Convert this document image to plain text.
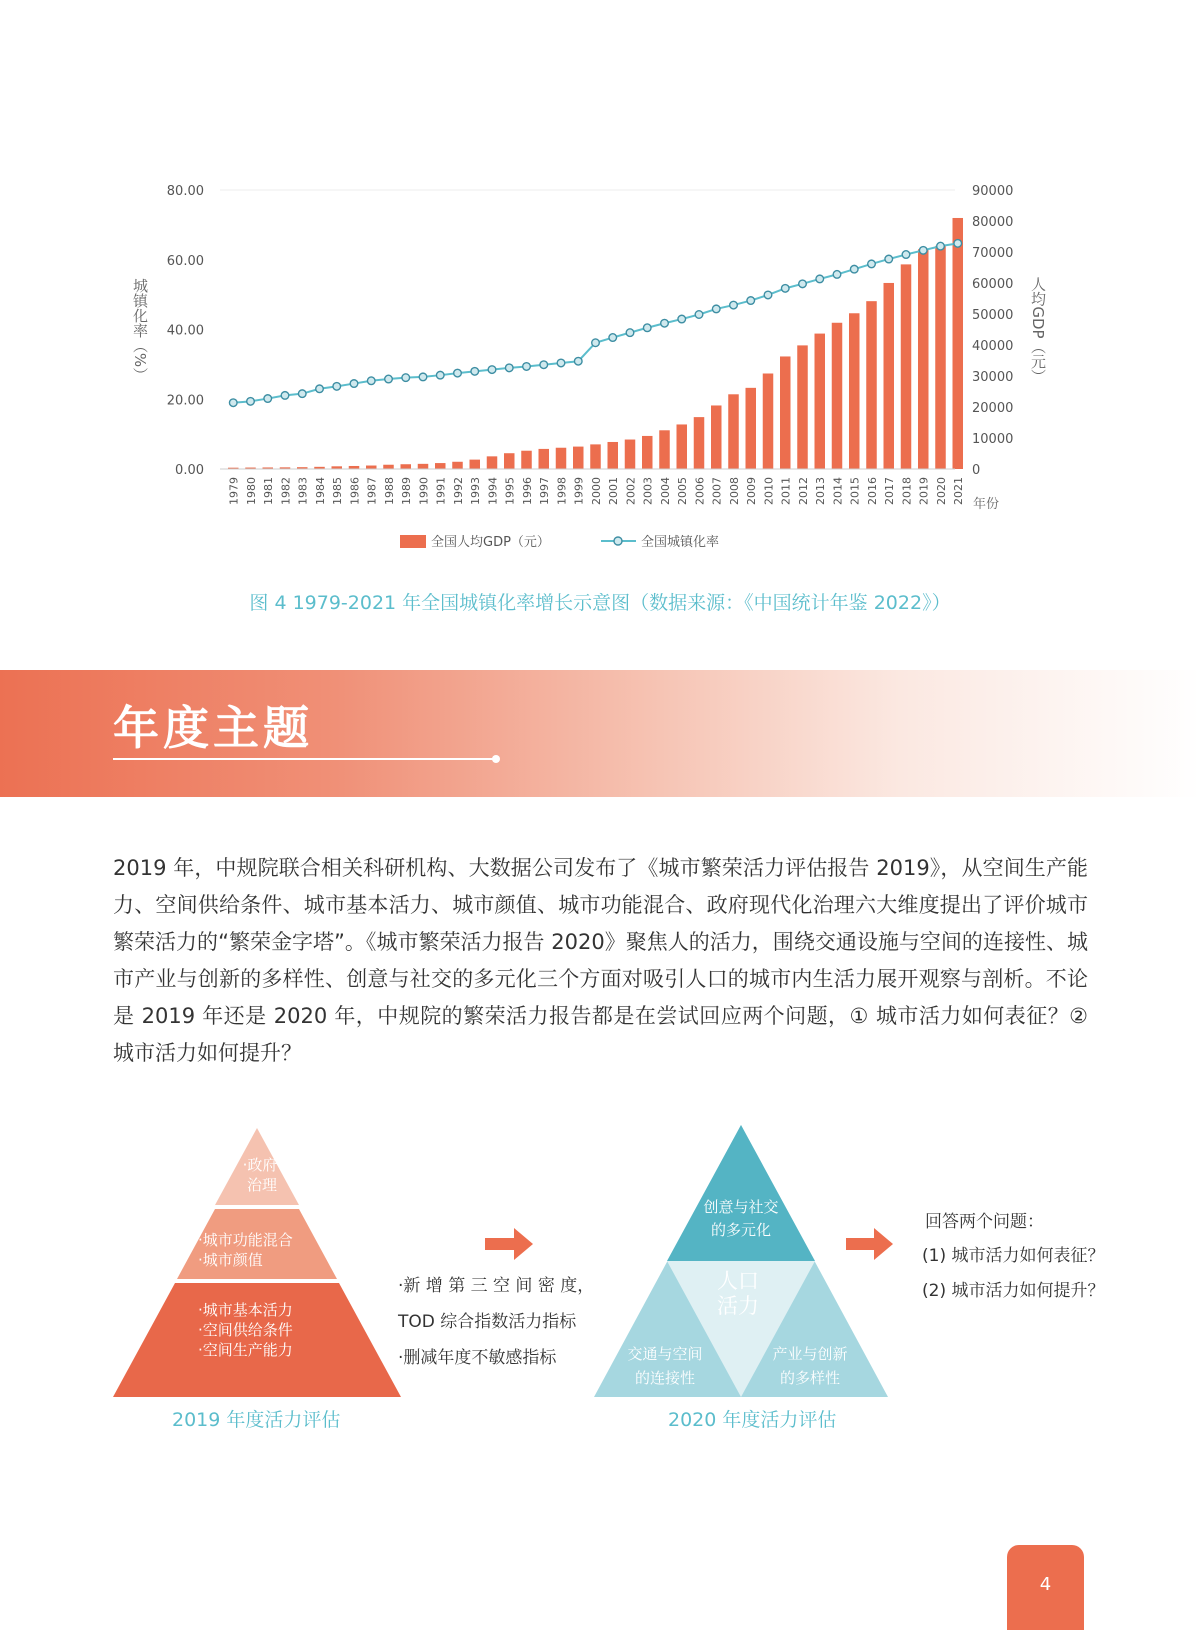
0.00
20.00
40.00
60.00
80.00
0
10000
20000
30000
40000
50000
60000
70000
80000
90000
1979 1980 1981 1982 1983 1984 1985 1986 1987 1988 1989 1990 1991 1992 1993 1994 1995 1996 1997 1998 1999 2000 2001 2002 2003 2004 2005 2006 2007 2008 2009 2010 2011 2012 2013 2014 2015 2016 2017 2018 2019 2020 2021
城镇化率（%）	人均GDP（元）
年份
全国人均GDP（元）	全国城镇化率
图 4 1979-2021 年全国城镇化率增长示意图（数据来源：《中国统计年鉴 2022》）
年度主题

2019 年，中规院联合相关科研机构、大数据公司发布了《城市繁荣活力评估报告 2019》，从空间生产能力、空间供给条件、城市基本活力、城市颜值、城市功能混合、政府现代化治理六大维度提出了评价城市繁荣活力的“繁荣金字塔”。《城市繁荣活力报告 2020》聚焦人的活力，围绕交通设施与空间的连接性、城市产业与创新的多样性、创意与社交的多元化三个方面对吸引人口的城市内生活力展开观察与剖析。不论是 2019 年还是 2020 年，中规院的繁荣活力报告都是在尝试回应两个问题，① 城市活力如何表征？② 城市活力如何提升？

·政府
治理
·城市功能混合
·城市颜值
·城市基本活力
·空间供给条件
·空间生产能力
创意与社交
的多元化
人口
活力
交通与空间
的连接性
产业与创新
的多样性
·新 增 第 三 空 间 密 度，
TOD 综合指数活力指标
·删减年度不敏感指标
回答两个问题：
(1) 城市活力如何表征？
(2) 城市活力如何提升？
2019 年度活力评估	2020 年度活力评估
4
